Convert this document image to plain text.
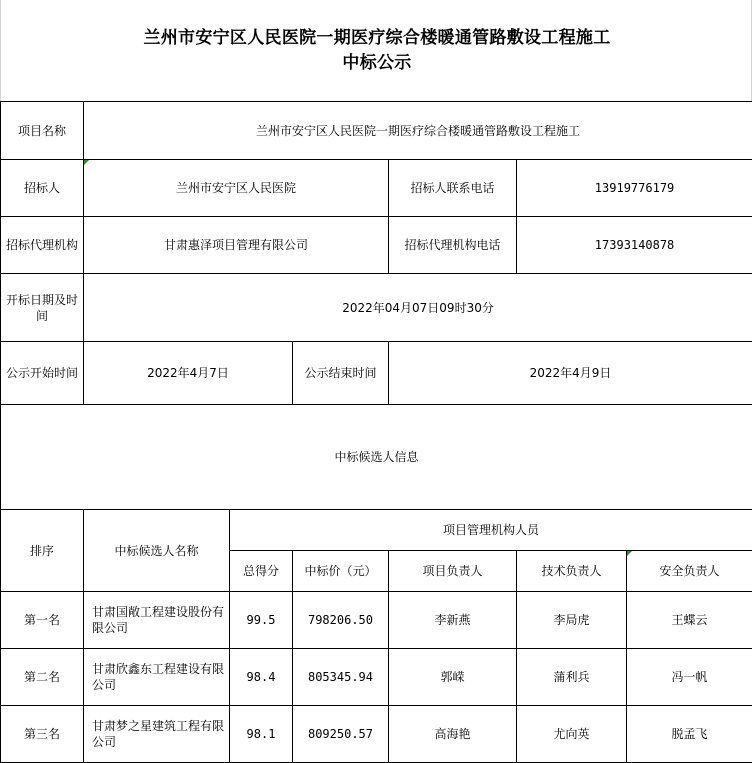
兰州市安宁区人民医院一期医疗综合楼暖通管路敷设工程施工
中标公示
项目名称	兰州市安宁区人民医院一期医疗综合楼暖通管路敷设工程施工					
招标人	兰州市安宁区人民医院			招标人联系电话	13919776179	
招标代理机构	甘肃惠泽项目管理有限公司			招标代理机构电话	17393140878	
开标日期及时间	2022年04月07日09时30分					
公示开始时间	2022年4月7日		公示结束时间	2022年4月9日		
中标候选人信息						
排序	中标候选人名称	项目管理机构人员				
		总得分	中标价（元）	项目负责人	技术负责人	安全负责人
第一名	甘肃国敞工程建设股份有限公司	99.5	798206.50	李新燕	李局虎	王蝶云
第二名	甘肃欣鑫东工程建设有限公司	98.4	805345.94	郭嵘	蒲利兵	冯一帆
第三名	甘肃梦之星建筑工程有限公司	98.1	809250.57	高海艳	尤向英	脱孟飞
